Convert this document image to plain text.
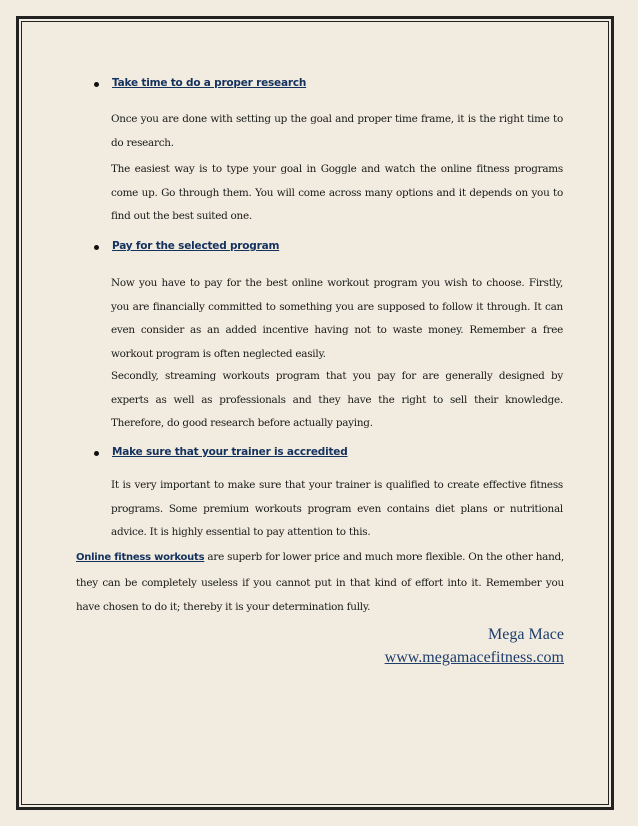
Take time to do a proper research
Once you are done with setting up the goal and proper time frame, it is the right time to do research.
The easiest way is to type your goal in Goggle and watch the online fitness programs come up. Go through them. You will come across many options and it depends on you to find out the best suited one.
Pay for the selected program
Now you have to pay for the best online workout program you wish to choose. Firstly, you are financially committed to something you are supposed to follow it through. It can even consider as an added incentive having not to waste money. Remember a free workout program is often neglected easily.
Secondly, streaming workouts program that you pay for are generally designed by experts as well as professionals and they have the right to sell their knowledge. Therefore, do good research before actually paying.
Make sure that your trainer is accredited
It is very important to make sure that your trainer is qualified to create effective fitness programs. Some premium workouts program even contains diet plans or nutritional advice. It is highly essential to pay attention to this.
Online fitness workouts are superb for lower price and much more flexible. On the other hand, they can be completely useless if you cannot put in that kind of effort into it. Remember you have chosen to do it; thereby it is your determination fully.
Mega Mace
www.megamacefitness.com
